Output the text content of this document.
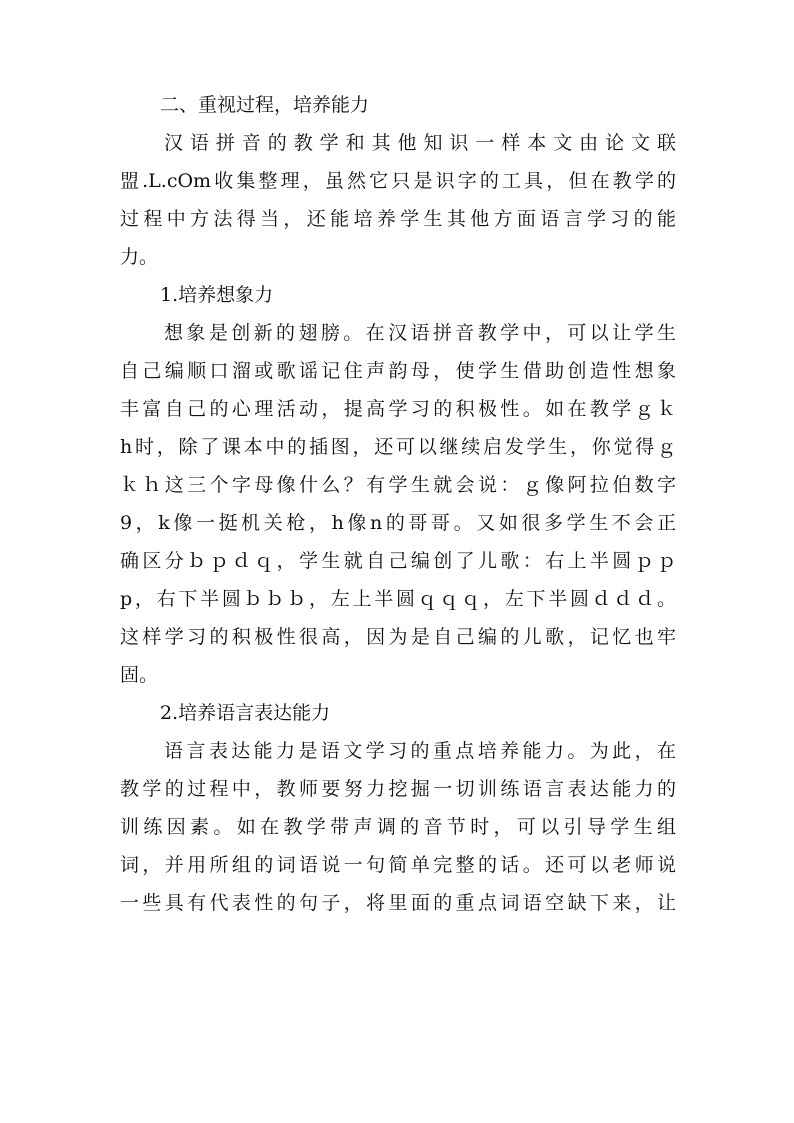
二、重视过程，培养能力
汉语拼音的教学和其他知识一样本文由论文联
盟.L.cOm收集整理，虽然它只是识字的工具，但在教学的
过程中方法得当，还能培养学生其他方面语言学习的能
力。
1.培养想象力
想象是创新的翅膀。在汉语拼音教学中，可以让学生
自己编顺口溜或歌谣记住声韵母，使学生借助创造性想象
丰富自己的心理活动，提高学习的积极性。如在教学ｇｋ
h时，除了课本中的插图，还可以继续启发学生，你觉得ｇ
ｋｈ这三个字母像什么？有学生就会说：ｇ像阿拉伯数字
9，k像一挺机关枪，h像n的哥哥。又如很多学生不会正
确区分ｂｐｄｑ，学生就自己编创了儿歌：右上半圆ｐｐ
p，右下半圆ｂｂｂ，左上半圆ｑｑｑ，左下半圆ｄｄｄ。
这样学习的积极性很高，因为是自己编的儿歌，记忆也牢
固。
2.培养语言表达能力
语言表达能力是语文学习的重点培养能力。为此，在
教学的过程中，教师要努力挖掘一切训练语言表达能力的
训练因素。如在教学带声调的音节时，可以引导学生组
词，并用所组的词语说一句简单完整的话。还可以老师说
一些具有代表性的句子，将里面的重点词语空缺下来，让
